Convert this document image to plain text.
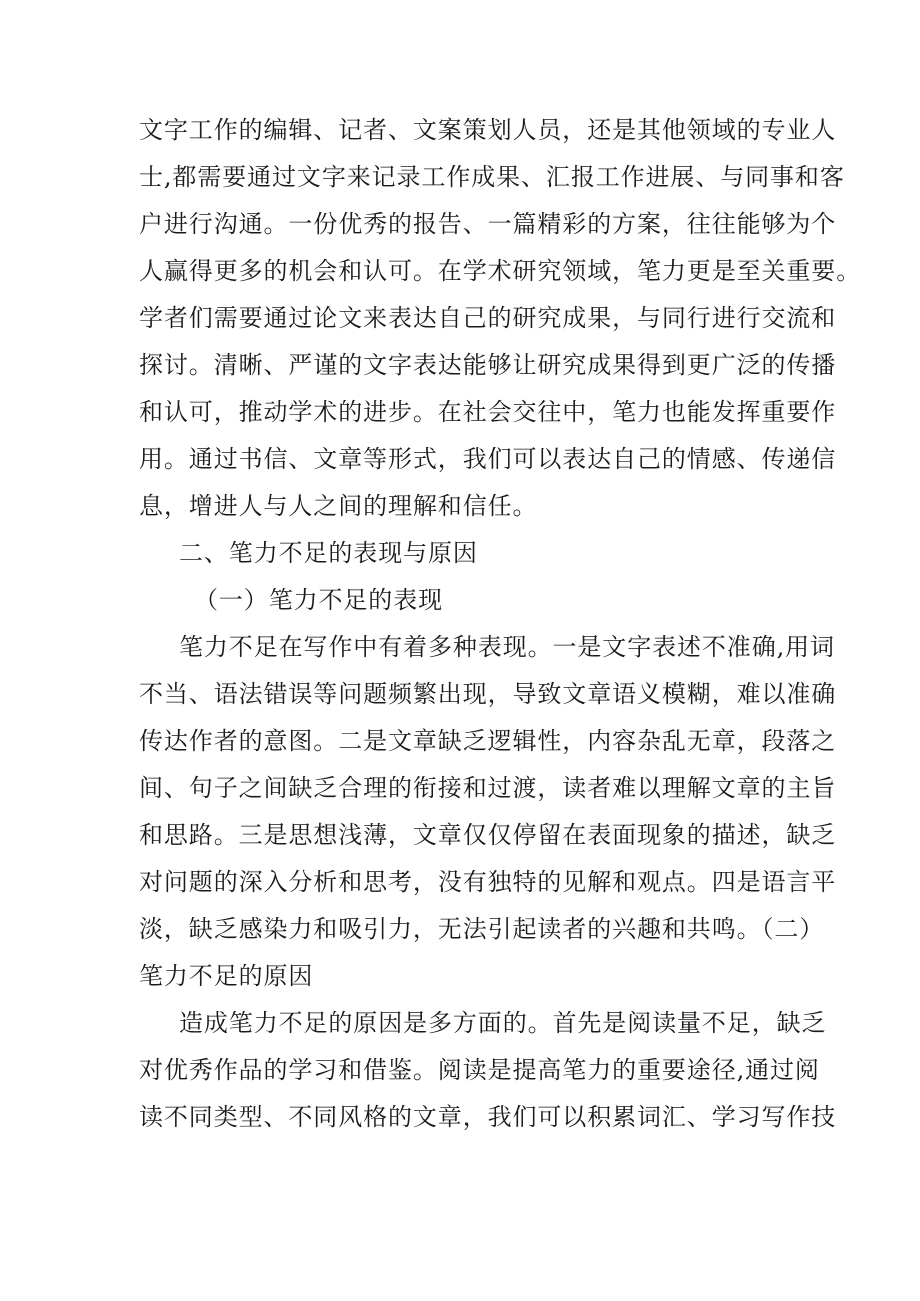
文字工作的编辑、记者、文案策划人员，还是其他领域的专业人
士,都需要通过文字来记录工作成果、汇报工作进展、与同事和客
户进行沟通。一份优秀的报告、一篇精彩的方案，往往能够为个
人赢得更多的机会和认可。在学术研究领域，笔力更是至关重要。
学者们需要通过论文来表达自己的研究成果，与同行进行交流和
探讨。清晰、严谨的文字表达能够让研究成果得到更广泛的传播
和认可，推动学术的进步。在社会交往中，笔力也能发挥重要作
用。通过书信、文章等形式，我们可以表达自己的情感、传递信
息，增进人与人之间的理解和信任。
二、笔力不足的表现与原因
（一）笔力不足的表现
笔力不足在写作中有着多种表现。一是文字表述不准确,用词
不当、语法错误等问题频繁出现，导致文章语义模糊，难以准确
传达作者的意图。二是文章缺乏逻辑性，内容杂乱无章，段落之
间、句子之间缺乏合理的衔接和过渡，读者难以理解文章的主旨
和思路。三是思想浅薄，文章仅仅停留在表面现象的描述，缺乏
对问题的深入分析和思考，没有独特的见解和观点。四是语言平
淡，缺乏感染力和吸引力，无法引起读者的兴趣和共鸣。（二）
笔力不足的原因
造成笔力不足的原因是多方面的。首先是阅读量不足，缺乏
对优秀作品的学习和借鉴。阅读是提高笔力的重要途径,通过阅
读不同类型、不同风格的文章，我们可以积累词汇、学习写作技
